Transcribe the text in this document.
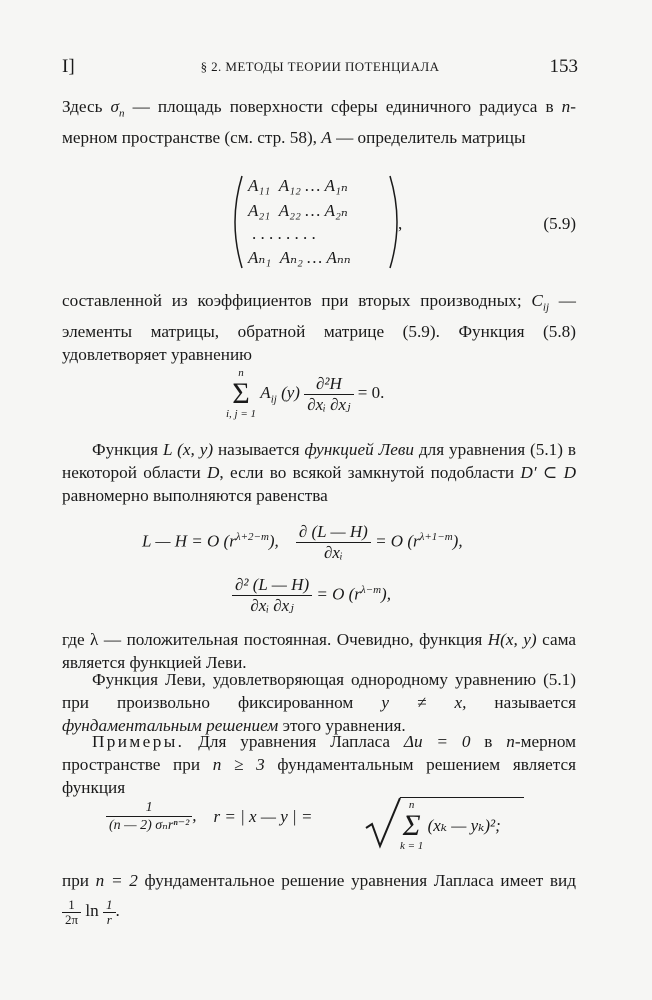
I]	§ 2. МЕТОДЫ ТЕОРИИ ПОТЕНЦИАЛА	153
Здесь $\sigma_n$ — площадь поверхности сферы единичного радиуса в n-мерном пространстве (см. стр. 58), A — определитель матрицы
A₁₁ A₁₂ … A₁ₙ
A₂₁ A₂₂ … A₂ₙ
. . . . . . . .
Aₙ₁ Aₙ₂ … Aₙₙ
,	(5.9)
составленной из коэффициентов при вторых производных; $C_{ij}$ — элементы матрицы, обратной матрице (5.9). Функция (5.8) удовлетворяет уравнению
n
Σ
i, j = 1
$A_{ij}$ $(y) \frac{\text{∂²H}}{\text{∂xᵢ ∂xⱼ}} = 0$.
Функция L (x, y) называется функцией Леви для уравнения (5.1) в некоторой области D, если во всякой замкнутой подобласти D′ ⊂ D равномерно выполняются равенства
L — H = O $(r^{\lambda+2-m})$, $\frac{\partial (L — H)}{\text{∂xᵢ}} = O$ $(r^{\lambda+1-m})$,
$\frac{\text{∂² (L — H)}}{\text{∂xᵢ ∂xⱼ}} = O$ $(r^{\lambda-m})$,
где λ — положительная постоянная. Очевидно, функция H(x, y) сама является функцией Леви.
Функция Леви, удовлетворяющая однородному уравнению (5.1) при произвольно фиксированном y ≠ x, называется фундаментальным решением этого уравнения.
Примеры. Для уравнения Лапласа Δu = 0 в n-мерном пространстве при n ≥ 3 фундаментальным решением является функция
$\frac{1}{\text{(n — 2) σₙrⁿ⁻²}}$ , r = | x — y | =
n
Σ
k = 1
(xₖ — yₖ)²;
при n = 2 фундаментальное решение уравнения Лапласа имеет вид
$\frac{1}{2\pi}$ $\ln \frac{1}{r}$ .
